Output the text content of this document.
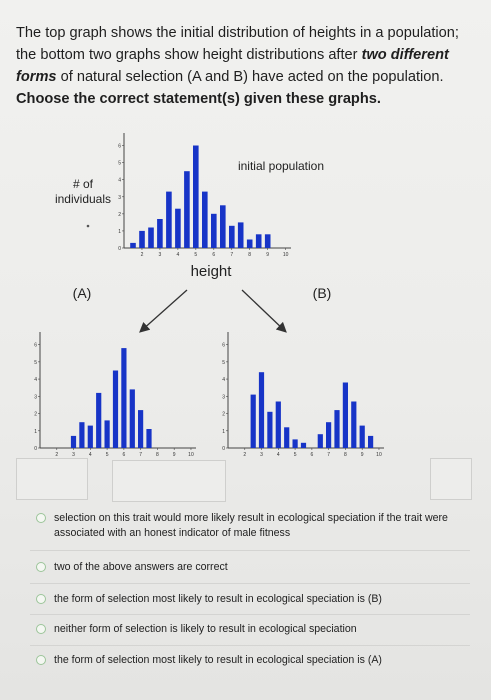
The top graph shows the initial distribution of heights in a population; the bottom two graphs show height distributions after two different forms of natural selection (A and B) have acted on the population. Choose the correct statement(s) given these graphs.
# of
individuals
initial population
height
(A)	(B)
2	3	4	5	6	7	8	9	10
0
1
2
3
4
5
6
2	3	4	5	6	7	8	9	10
0
1
2
3
4
5
6
2	3	4	5	6	7	8	9	10
0
1
2
3
4
5
6
selection on this trait would more likely result in ecological speciation if the trait were associated with an honest indicator of male fitness
two of the above answers are correct
the form of selection most likely to result in ecological speciation is (B)
neither form of selection is likely to result in ecological speciation
the form of selection most likely to result in ecological speciation is (A)
